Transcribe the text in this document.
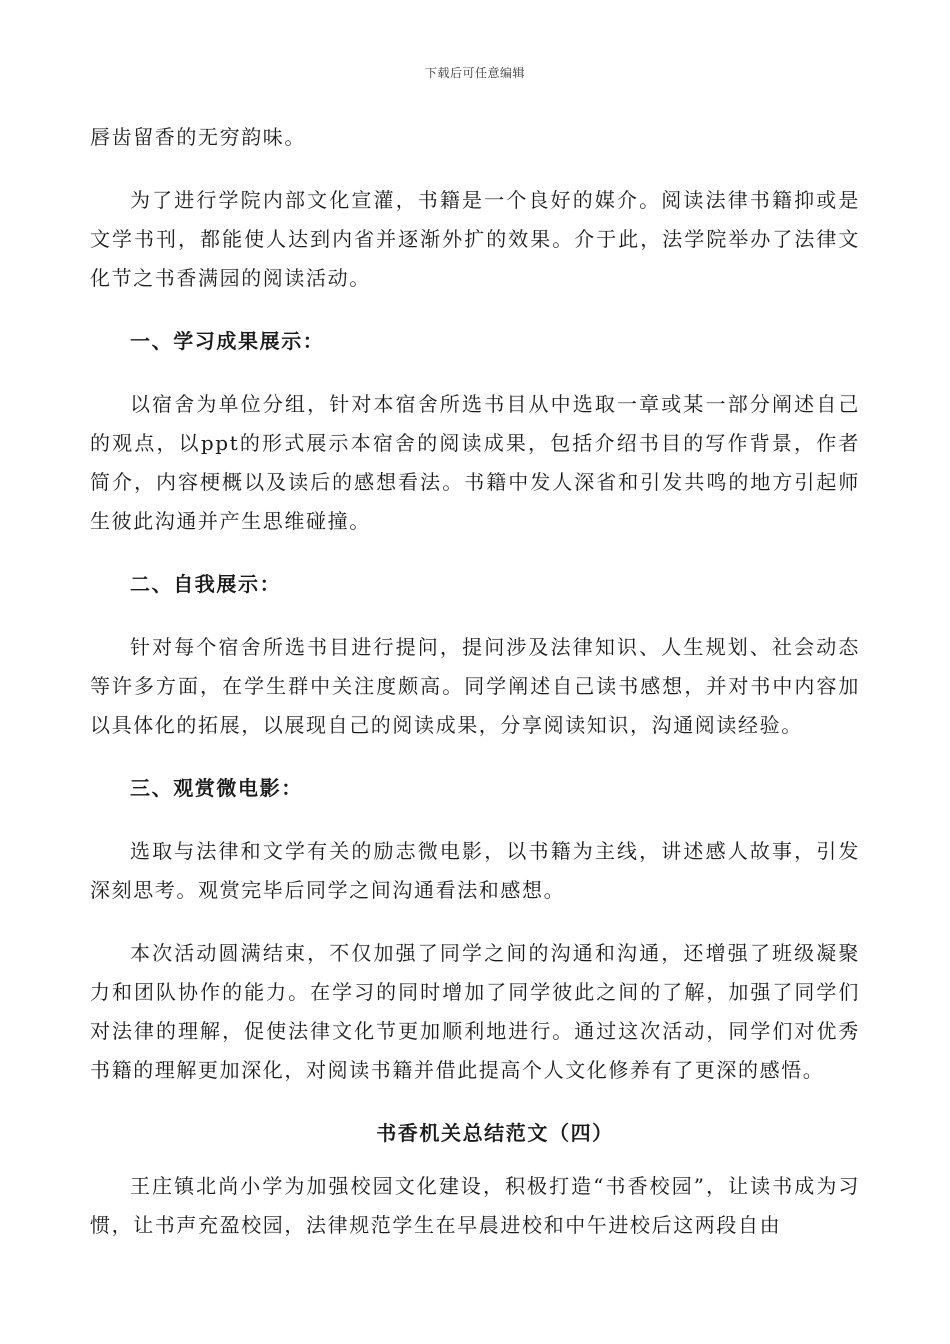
下载后可任意编辑

唇齿留香的无穷韵味。

为了进行学院内部文化宣灌，书籍是一个良好的媒介。阅读法律书籍抑或是文学书刊，都能使人达到内省并逐渐外扩的效果。介于此，法学院举办了法律文化节之书香满园的阅读活动。

一、学习成果展示：

以宿舍为单位分组，针对本宿舍所选书目从中选取一章或某一部分阐述自己的观点，以ppt的形式展示本宿舍的阅读成果，包括介绍书目的写作背景，作者简介，内容梗概以及读后的感想看法。书籍中发人深省和引发共鸣的地方引起师生彼此沟通并产生思维碰撞。

二、自我展示：

针对每个宿舍所选书目进行提问，提问涉及法律知识、人生规划、社会动态等许多方面，在学生群中关注度颇高。同学阐述自己读书感想，并对书中内容加以具体化的拓展，以展现自己的阅读成果，分享阅读知识，沟通阅读经验。

三、观赏微电影：

选取与法律和文学有关的励志微电影，以书籍为主线，讲述感人故事，引发深刻思考。观赏完毕后同学之间沟通看法和感想。

本次活动圆满结束，不仅加强了同学之间的沟通和沟通，还增强了班级凝聚力和团队协作的能力。在学习的同时增加了同学彼此之间的了解，加强了同学们对法律的理解，促使法律文化节更加顺利地进行。通过这次活动，同学们对优秀书籍的理解更加深化，对阅读书籍并借此提高个人文化修养有了更深的感悟。

书香机关总结范文（四）

王庄镇北尚小学为加强校园文化建设，积极打造“书香校园”，让读书成为习惯，让书声充盈校园，法律规范学生在早晨进校和中午进校后这两段自由
